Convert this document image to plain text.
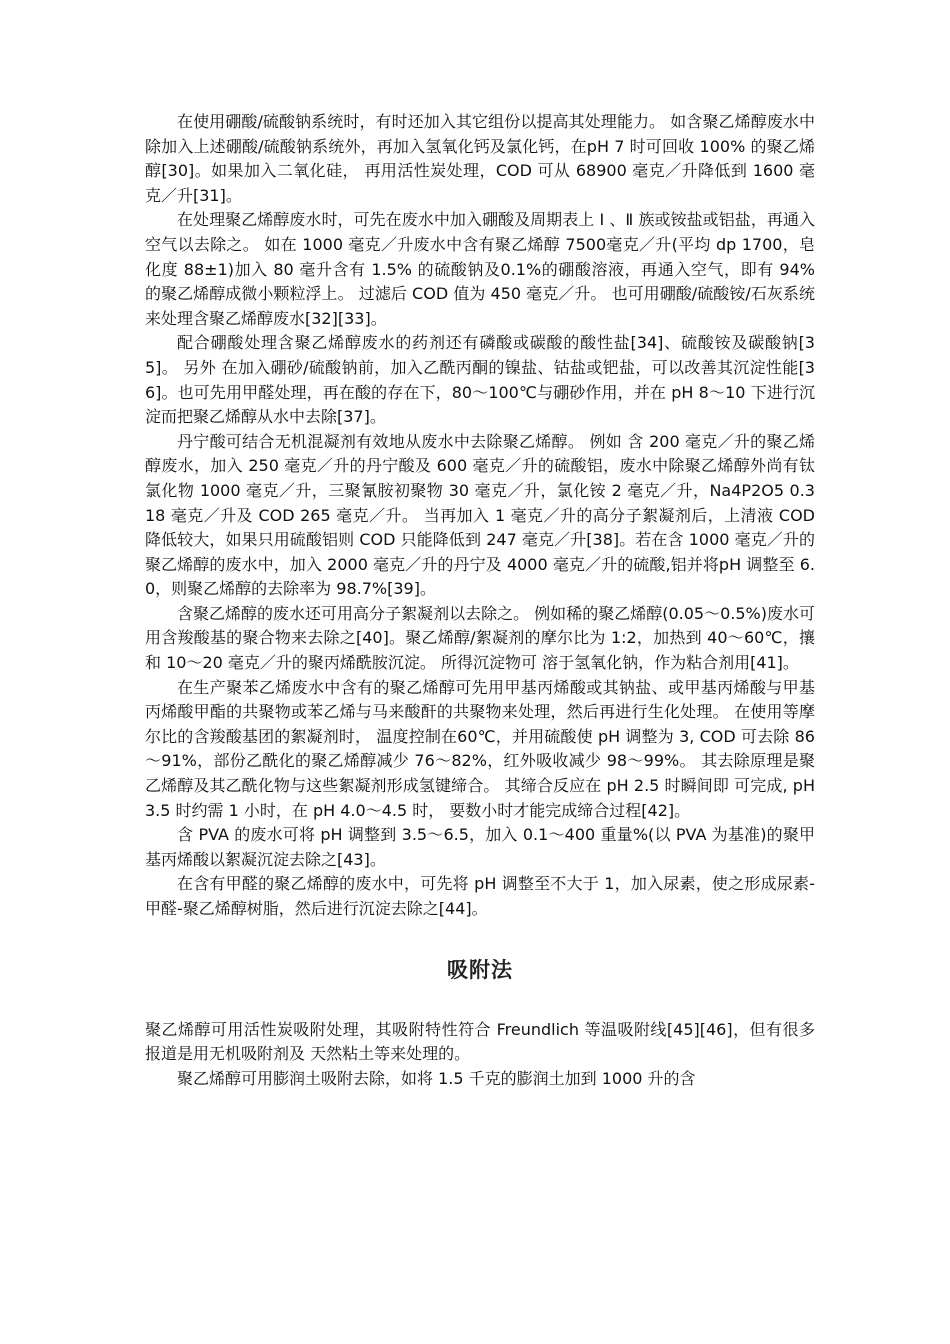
在使用硼酸/硫酸钠系统时，有时还加入其它组份以提高其处理能力。 如含聚乙烯醇废水中除加入上述硼酸/硫酸钠系统外，再加入氢氧化钙及氯化钙，在pH 7 时可回收 100% 的聚乙烯醇[30]。如果加入二氧化硅， 再用活性炭处理，COD 可从 68900 毫克／升降低到 1600 毫克／升[31]。

在处理聚乙烯醇废水时，可先在废水中加入硼酸及周期表上 Ⅰ 、Ⅱ 族或铵盐或铝盐，再通入空气以去除之。 如在 1000 毫克／升废水中含有聚乙烯醇 7500毫克／升(平均 dp 1700，皂化度 88±1)加入 80 毫升含有 1.5% 的硫酸钠及0.1%的硼酸溶液，再通入空气，即有 94% 的聚乙烯醇成微小颗粒浮上。 过滤后 COD 值为 450 毫克／升。 也可用硼酸/硫酸铵/石灰系统来处理含聚乙烯醇废水[32][33]。

配合硼酸处理含聚乙烯醇废水的药剂还有磷酸或碳酸的酸性盐[34]、硫酸铵及碳酸钠[35]。 另外 在加入硼砂/硫酸钠前，加入乙酰丙酮的镍盐、钴盐或钯盐，可以改善其沉淀性能[36]。也可先用甲醛处理，再在酸的存在下，80～100℃与硼砂作用，并在 pH 8～10 下进行沉淀而把聚乙烯醇从水中去除[37]。

丹宁酸可结合无机混凝剂有效地从废水中去除聚乙烯醇。 例如 含 200 毫克／升的聚乙烯醇废水，加入 250 毫克／升的丹宁酸及 600 毫克／升的硫酸铝，废水中除聚乙烯醇外尚有钛氯化物 1000 毫克／升，三聚氰胺初聚物 30 毫克／升，氯化铵 2 毫克／升，Na4P2O5 0.3 18 毫克／升及 COD 265 毫克／升。 当再加入 1 毫克／升的高分子絮凝剂后，上清液 COD 降低较大，如果只用硫酸铝则 COD 只能降低到 247 毫克／升[38]。若在含 1000 毫克／升的聚乙烯醇的废水中，加入 2000 毫克／升的丹宁及 4000 毫克／升的硫酸,铝并将pH 调整至 6.0，则聚乙烯醇的去除率为 98.7%[39]。

含聚乙烯醇的废水还可用高分子絮凝剂以去除之。 例如稀的聚乙烯醇(0.05～0.5%)废水可用含羧酸基的聚合物来去除之[40]。聚乙烯醇/絮凝剂的摩尔比为 1:2，加热到 40～60℃，攘和 10～20 毫克／升的聚丙烯酰胺沉淀。 所得沉淀物可 溶于氢氧化钠，作为粘合剂用[41]。

在生产聚苯乙烯废水中含有的聚乙烯醇可先用甲基丙烯酸或其钠盐、或甲基丙烯酸与甲基丙烯酸甲酯的共聚物或苯乙烯与马来酸酐的共聚物来处理，然后再进行生化处理。 在使用等摩尔比的含羧酸基团的絮凝剂时， 温度控制在60℃，并用硫酸使 pH 调整为 3, COD 可去除 86～91%，部份乙酰化的聚乙烯醇减少 76～82%，红外吸收减少 98～99%。 其去除原理是聚乙烯醇及其乙酰化物与这些絮凝剂形成氢键缔合。 其缔合反应在 pH 2.5 时瞬间即 可完成, pH 3.5 时约需 1 小时，在 pH 4.0～4.5 时， 要数小时才能完成缔合过程[42]。

含 PVA 的废水可将 pH 调整到 3.5～6.5，加入 0.1～400 重量%(以 PVA 为基准)的聚甲基丙烯酸以絮凝沉淀去除之[43]。

在含有甲醛的聚乙烯醇的废水中，可先将 pH 调整至不大于 1，加入尿素，使之形成尿素-甲醛-聚乙烯醇树脂，然后进行沉淀去除之[44]。

吸附法

聚乙烯醇可用活性炭吸附处理，其吸附特性符合 Freundlich 等温吸附线[45][46]，但有很多报道是用无机吸附剂及 天然粘土等来处理的。

聚乙烯醇可用膨润土吸附去除，如将 1.5 千克的膨润土加到 1000 升的含
